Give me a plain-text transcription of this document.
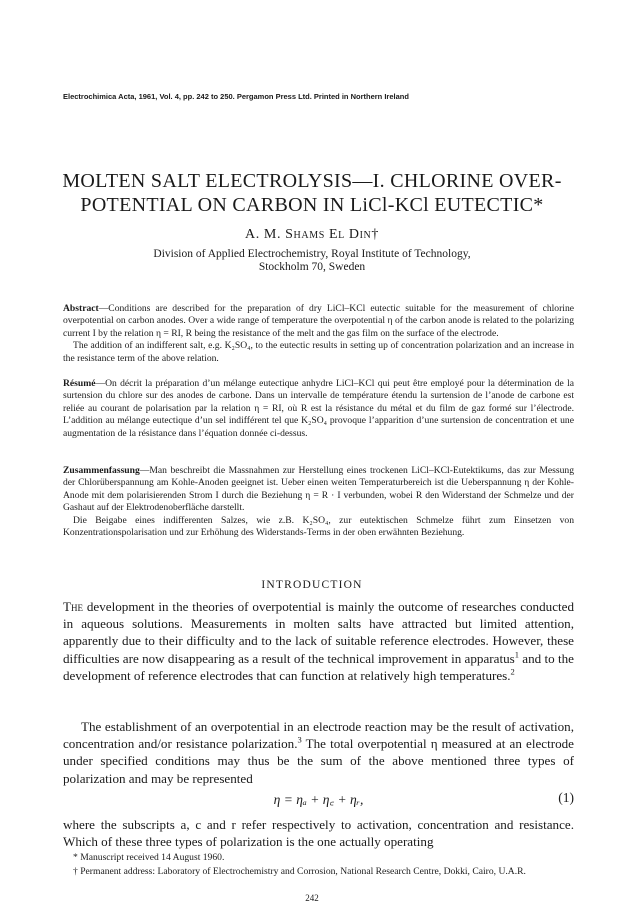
Electrochimica Acta, 1961, Vol. 4, pp. 242 to 250. Pergamon Press Ltd. Printed in Northern Ireland
MOLTEN SALT ELECTROLYSIS—I. CHLORINE OVER-
POTENTIAL ON CARBON IN LiCl-KCl EUTECTIC*
A. M. Shams El Din†
Division of Applied Electrochemistry, Royal Institute of Technology,
Stockholm 70, Sweden
Abstract—Conditions are described for the preparation of dry LiCl–KCl eutectic suitable for the measurement of chlorine overpotential on carbon anodes. Over a wide range of temperature the overpotential η of the carbon anode is related to the polarizing current I by the relation η = RI, R being the resistance of the melt and the gas film on the surface of the electrode.
The addition of an indifferent salt, e.g. K₂SO₄, to the eutectic results in setting up of concentration polarization and an increase in the resistance term of the above relation.
Résumé—On décrit la préparation d’un mélange eutectique anhydre LiCl–KCl qui peut être employé pour la détermination de la surtension du chlore sur des anodes de carbone. Dans un intervalle de température étendu la surtension de l’anode de carbone est reliée au courant de polarisation par la relation η = RI, où R est la résistance du métal et du film de gaz formé sur l’électrode. L’addition au mélange eutectique d’un sel indifférent tel que K₂SO₄ provoque l’apparition d’une surtension de concentration et une augmentation de la résistance dans l’équation donnée ci-dessus.
Zusammenfassung—Man beschreibt die Massnahmen zur Herstellung eines trockenen LiCl–KCl-Eutektikums, das zur Messung der Chlorüberspannung am Kohle-Anoden geeignet ist. Ueber einen weiten Temperaturbereich ist die Ueberspannung η der Kohle-Anode mit dem polarisierenden Strom I durch die Beziehung η = R · I verbunden, wobei R den Widerstand der Schmelze und der Gashaut auf der Elektrodenoberfläche darstellt.
Die Beigabe eines indifferenten Salzes, wie z.B. K₂SO₄, zur eutektischen Schmelze führt zum Einsetzen von Konzentrationspolarisation und zur Erhöhung des Widerstands-Terms in der oben erwähnten Beziehung.
INTRODUCTION
The development in the theories of overpotential is mainly the outcome of researches conducted in aqueous solutions. Measurements in molten salts have attracted but limited attention, apparently due to their difficulty and to the lack of suitable reference electrodes. However, these difficulties are now disappearing as a result of the technical improvement in apparatus$^1$ and to the development of reference electrodes that can function at relatively high temperatures.$^2$
The establishment of an overpotential in an electrode reaction may be the result of activation, concentration and/or resistance polarization.$^3$ The total overpotential η measured at an electrode under specified conditions may thus be the sum of the above mentioned three types of polarization and may be represented
η = ηₐ + η꜀ + ηᵣ,	(1)
where the subscripts a, c and r refer respectively to activation, concentration and resistance. Which of these three types of polarization is the one actually operating
* Manuscript received 14 August 1960.
† Permanent address: Laboratory of Electrochemistry and Corrosion, National Research Centre, Dokki, Cairo, U.A.R.
242
